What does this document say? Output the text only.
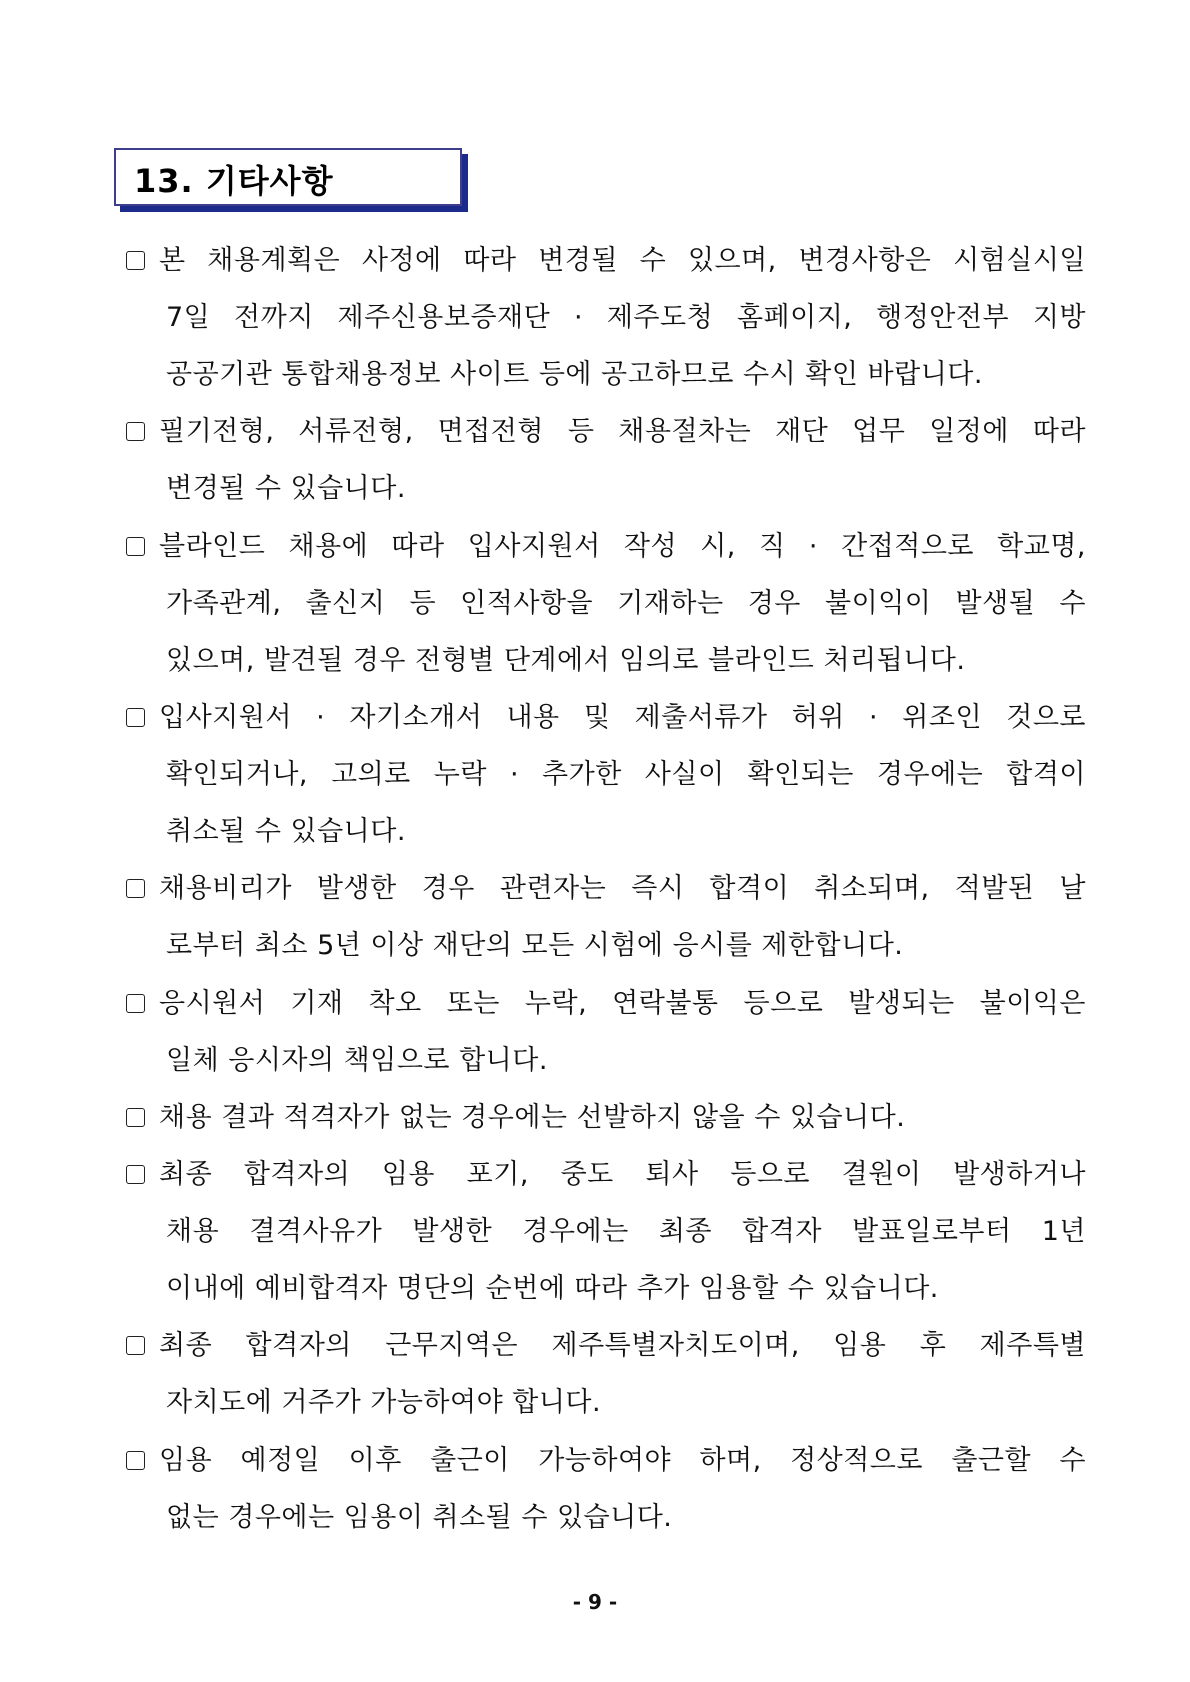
13. 기타사항
본 채용계획은 사정에 따라 변경될 수 있으며, 변경사항은 시험실시일
7일 전까지 제주신용보증재단 · 제주도청 홈페이지, 행정안전부 지방
공공기관 통합채용정보 사이트 등에 공고하므로 수시 확인 바랍니다.
필기전형, 서류전형, 면접전형 등 채용절차는 재단 업무 일정에 따라
변경될 수 있습니다.
블라인드 채용에 따라 입사지원서 작성 시, 직 · 간접적으로 학교명,
가족관계, 출신지 등 인적사항을 기재하는 경우 불이익이 발생될 수
있으며, 발견될 경우 전형별 단계에서 임의로 블라인드 처리됩니다.
입사지원서 · 자기소개서 내용 및 제출서류가 허위 · 위조인 것으로
확인되거나, 고의로 누락 · 추가한 사실이 확인되는 경우에는 합격이
취소될 수 있습니다.
채용비리가 발생한 경우 관련자는 즉시 합격이 취소되며, 적발된 날
로부터 최소 5년 이상 재단의 모든 시험에 응시를 제한합니다.
응시원서 기재 착오 또는 누락, 연락불통 등으로 발생되는 불이익은
일체 응시자의 책임으로 합니다.
채용 결과 적격자가 없는 경우에는 선발하지 않을 수 있습니다.
최종 합격자의 임용 포기, 중도 퇴사 등으로 결원이 발생하거나
채용 결격사유가 발생한 경우에는 최종 합격자 발표일로부터 1년
이내에 예비합격자 명단의 순번에 따라 추가 임용할 수 있습니다.
최종 합격자의 근무지역은 제주특별자치도이며, 임용 후 제주특별
자치도에 거주가 가능하여야 합니다.
임용 예정일 이후 출근이 가능하여야 하며, 정상적으로 출근할 수
없는 경우에는 임용이 취소될 수 있습니다.
- 9 -
